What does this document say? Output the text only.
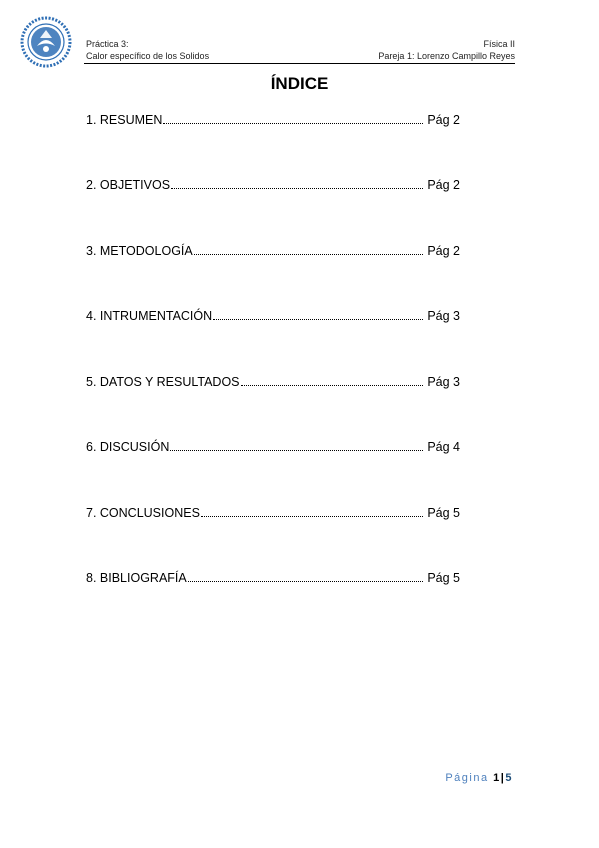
Práctica 3:
Calor específico de los Solidos
Física II
Pareja 1: Lorenzo Campillo Reyes
ÍNDICE
1. RESUMEN	Pág 2
2. OBJETIVOS	Pág 2
3. METODOLOGÍA	Pág 2
4. INTRUMENTACIÓN	Pág 3
5. DATOS Y RESULTADOS	Pág 3
6. DISCUSIÓN	Pág 4
7. CONCLUSIONES	Pág 5
8. BIBLIOGRAFÍA	Pág 5
Página 1|5
